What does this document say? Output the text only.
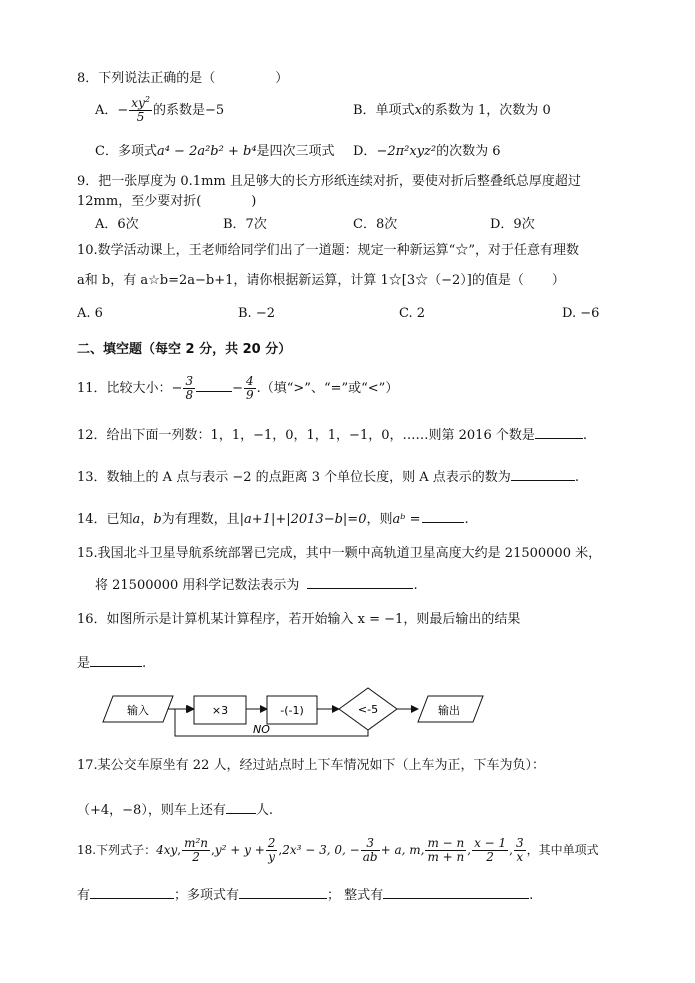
8．下列说法正确的是（	）
A．− $\frac{xy^2}{5}$ 的系数是−5	B．单项式x的系数为 1，次数为 0
C．多项式a⁴ − 2a²b² + b⁴是四次三项式 D．−2π²xyz²的次数为 6
9．把一张厚度为 0.1mm 且足够大的长方形纸连续对折，要使对折后整叠纸总厚度超过
12mm，至少要对折(	)
A．6次	B．7次	C．8次	D．9次
10.数学活动课上，王老师给同学们出了一道题：规定一种新运算“☆”，对于任意有理数
a和 b，有 a☆b=2a−b+1，请你根据新运算，计算 1☆[3☆（−2）]的值是（ ）
A. 6	B. −2	C. 2	D. −6
二、填空题（每空 2 分，共 20 分）
11．比较大小：− $\frac{3}{8}$	− $\frac{4}{9}$ .（填“>”、“=”或“<”）
12．给出下面一列数：1，1，−1，0，1，1，−1，0，……则第 2016 个数是	.
13．数轴上的 A 点与表示 −2 的点距离 3 个单位长度，则 A 点表示的数为	.
14．已知a，b为有理数，且|a+1|+|2013−b|=0，则aᵇ =	.
15.我国北斗卫星导航系统部署已完成，其中一颗中高轨道卫星高度大约是 21500000 米，
将 21500000 用科学记数法表示为	.
16．如图所示是计算机某计算程序，若开始输入 x = −1，则最后输出的结果
是	.
输入	×3	-(-1)	<-5	输出
NO
17.某公交车原坐有 22 人，经过站点时上下车情况如下（上车为正，下车为负）：
（+4，−8），则车上还有 人.
18.下列式子：4xy, $\frac{\text{m²n}}{2} ,y^2 + y + \frac{2}{y} ,2x^3 - 3$, 0, − $\frac{3}{ab} + a$, m, $\frac{m - n}{m + n}$ , $\frac{x - 1}{2}$ , $\frac{3}{x}$ ，其中单项式
有	；多项式有	； 整式有	.
